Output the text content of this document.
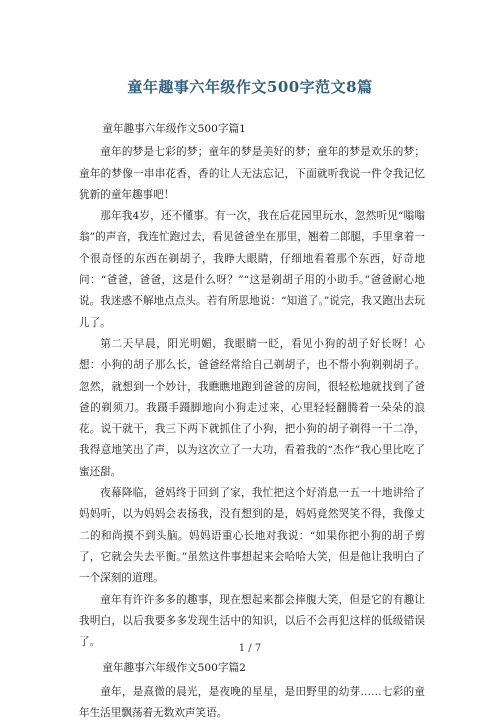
童年趣事六年级作文500字范文8篇

童年趣事六年级作文500字篇1

童年的梦是七彩的梦；童年的梦是美好的梦；童年的梦是欢乐的梦；童年的梦像一串串花香，香的让人无法忘记，下面就听我说一件令我记忆犹新的童年趣事吧！

那年我4岁，还不懂事。有一次，我在后花园里玩水，忽然听见“嗡嗡翁”的声音，我连忙跑过去，看见爸爸坐在那里，翘着二郎腿，手里拿着一个很奇怪的东西在剃胡子，我睁大眼睛，仔细地看着那个东西，好奇地问：“爸爸，爸爸，这是什么呀？”“这是剃胡子用的小助手。”爸爸耐心地说。我迷惑不解地点点头。若有所思地说：“知道了。”说完，我又跑出去玩儿了。

第二天早晨，阳光明媚，我眼睛一眨，看见小狗的胡子好长呀！心想：小狗的胡子那么长，爸爸经常给自己剃胡子，也不帮小狗剃剃胡子。忽然，就想到一个妙计，我瞧瞧地跑到爸爸的房间，很轻松地就找到了爸爸的剃须刀。我蹑手蹑脚地向小狗走过来，心里轻轻翻腾着一朵朵的浪花。说干就干，我三下两下就抓住了小狗，把小狗的胡子剃得一干二净，我得意地笑出了声，以为这次立了一大功，看着我的“杰作”我心里比吃了蜜还甜。

夜幕降临，爸妈终于回到了家，我忙把这个好消息一五一十地讲给了妈妈听，以为妈妈会表扬我，没有想到的是，妈妈竟然哭笑不得，我像丈二的和尚摸不到头脑。妈妈语重心长地对我说：“如果你把小狗的胡子剪了，它就会失去平衡。”虽然这件事想起来会哈哈大笑，但是他让我明白了一个深刻的道理。

童年有许许多多的趣事，现在想起来都会捧腹大笑，但是它的有趣让我明白，以后我要多多发现生活中的知识，以后不会再犯这样的低级错误了。

童年趣事六年级作文500字篇2

童年，是熹微的晨光，是夜晚的星星，是田野里的幼芽……七彩的童年生活里飘荡着无数欢声笑语。

1 / 7
